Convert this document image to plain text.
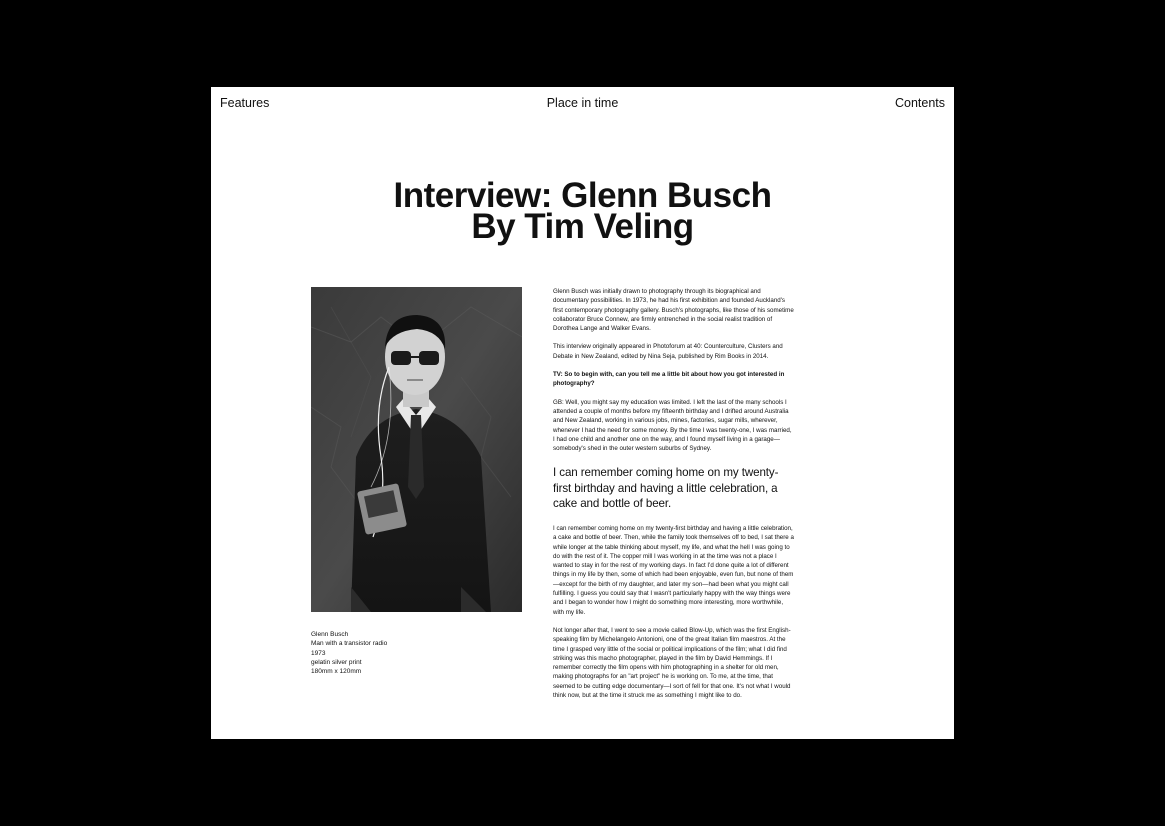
Features	Place in time	Contents
Interview: Glenn Busch
By Tim Veling
Glenn Busch
Man with a transistor radio
1973
gelatin silver print
180mm x 120mm

Glenn Busch was initially drawn to photography through its biographical and documentary possibilities. In 1973, he had his first exhibition and founded Auckland's first contemporary photography gallery. Busch's photographs, like those of his sometime collaborator Bruce Connew, are firmly entrenched in the social realist tradition of Dorothea Lange and Walker Evans.

This interview originally appeared in Photoforum at 40: Counterculture, Clusters and Debate in New Zealand, edited by Nina Seja, published by Rim Books in 2014.

TV: So to begin with, can you tell me a little bit about how you got interested in photography?

GB: Well, you might say my education was limited. I left the last of the many schools I attended a couple of months before my fifteenth birthday and I drifted around Australia and New Zealand, working in various jobs, mines, factories, sugar mills, wherever, whenever I had the need for some money. By the time I was twenty-one, I was married, I had one child and another one on the way, and I found myself living in a garage—somebody's shed in the outer western suburbs of Sydney.

I can remember coming home on my twenty-first birthday and having a little celebration, a cake and bottle of beer.

I can remember coming home on my twenty-first birthday and having a little celebration, a cake and bottle of beer. Then, while the family took themselves off to bed, I sat there a while longer at the table thinking about myself, my life, and what the hell I was going to do with the rest of it. The copper mill I was working in at the time was not a place I wanted to stay in for the rest of my working days. In fact I'd done quite a lot of different things in my life by then, some of which had been enjoyable, even fun, but none of them—except for the birth of my daughter, and later my son—had been what you might call fulfilling. I guess you could say that I wasn't particularly happy with the way things were and I began to wonder how I might do something more interesting, more worthwhile, with my life.

Not longer after that, I went to see a movie called Blow-Up, which was the first English-speaking film by Michelangelo Antonioni, one of the great Italian film maestros. At the time I grasped very little of the social or political implications of the film; what I did find striking was this macho photographer, played in the film by David Hemmings. If I remember correctly the film opens with him photographing in a shelter for old men, making photographs for an "art project" he is working on. To me, at the time, that seemed to be cutting edge documentary—I sort of fell for that one. It's not what I would think now, but at the time it struck me as something I might like to do.
